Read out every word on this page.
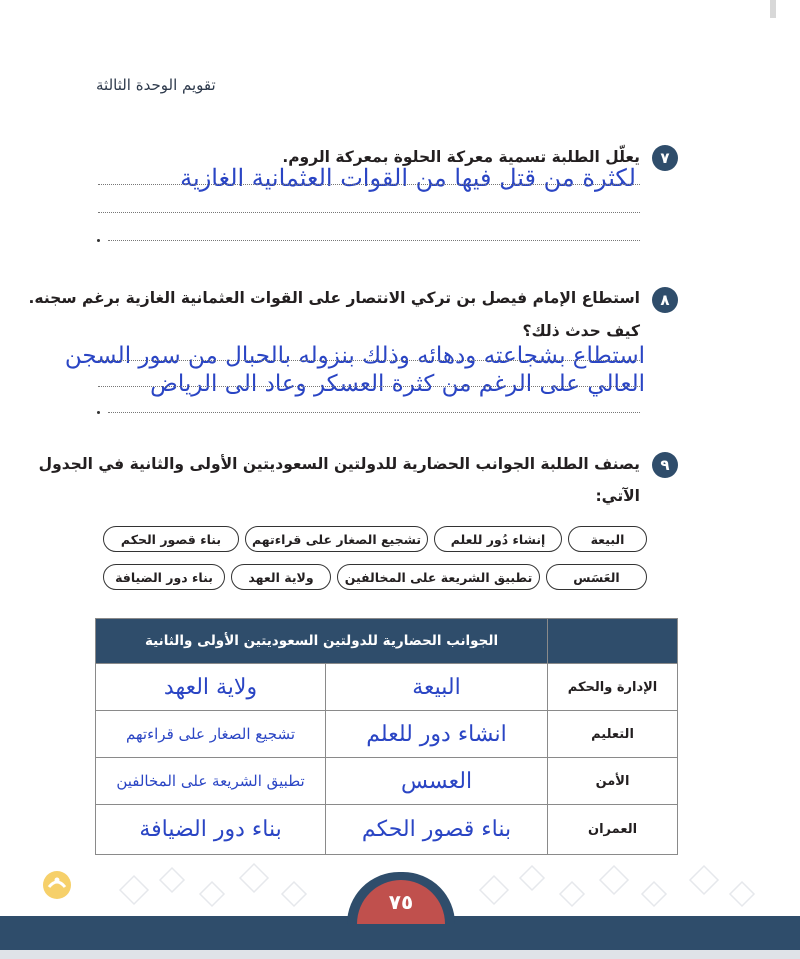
تقويم الوحدة الثالثة
٧
يعلّل الطلبة تسمية معركة الحلوة بمعركة الروم.
لكثرة من قتل فيها من القوات العثمانية الغازية
٨
استطاع الإمام فيصل بن تركي الانتصار على القوات العثمانية الغازية برغم سجنه.
كيف حدث ذلك؟
استطاع بشجاعته ودهائه وذلك بنزوله بالحبال من سور السجن
العالي على الرغم من كثرة العسكر وعاد الى الرياض
٩
يصنف الطلبة الجوانب الحضارية للدولتين السعوديتين الأولى والثانية في الجدول
الآتي:
البيعة
إنشاء دُور للعلم
تشجيع الصغار على قراءتهم
بناء قصور الحكم
العَسَس
تطبيق الشريعة على المخالفين
ولاية العهد
بناء دور الضيافة
	الجوانب الحضارية للدولتين السعوديتين الأولى والثانية	
الإدارة والحكم	البيعة	ولاية العهد
التعليم	انشاء دور للعلم	تشجيع الصغار على قراءتهم
الأمن	العسس	تطبيق الشريعة على المخالفين
العمران	بناء قصور الحكم	بناء دور الضيافة
٧٥
